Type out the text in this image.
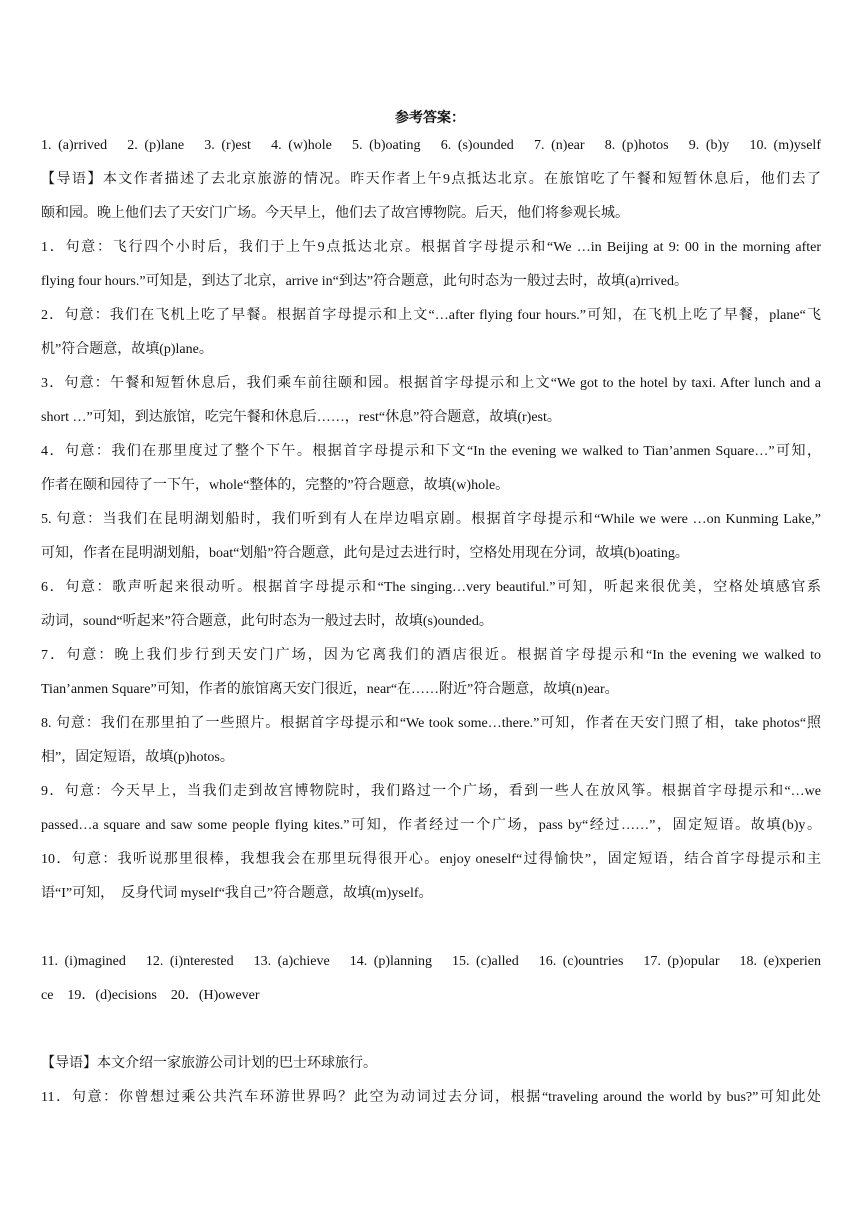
参考答案：
1. (a)rrived　2. (p)lane　3. (r)est　4. (w)hole　5. (b)oating　6. (s)ounded　7. (n)ear　8. (p)hotos　9. (b)y　10. (m)yself
【导语】本文作者描述了去北京旅游的情况。昨天作者上午9点抵达北京。在旅馆吃了午餐和短暂休息后，他们去了
颐和园。晚上他们去了天安门广场。今天早上，他们去了故宫博物院。后天，他们将参观长城。
1．句意：飞行四个小时后，我们于上午9点抵达北京。根据首字母提示和“We …in Beijing at 9: 00 in the morning after
flying four hours.”可知是，到达了北京，arrive in“到达”符合题意，此句时态为一般过去时，故填(a)rrived。
2．句意：我们在飞机上吃了早餐。根据首字母提示和上文“…after flying four hours.”可知，在飞机上吃了早餐，plane“飞
机”符合题意，故填(p)lane。
3．句意：午餐和短暂休息后，我们乘车前往颐和园。根据首字母提示和上文“We got to the hotel by taxi. After lunch and a
short …”可知，到达旅馆，吃完午餐和休息后……，rest“休息”符合题意，故填(r)est。
4．句意：我们在那里度过了整个下午。根据首字母提示和下文“In the evening we walked to Tian’anmen Square…”可知，
作者在颐和园待了一下午，whole“整体的，完整的”符合题意，故填(w)hole。
5. 句意：当我们在昆明湖划船时，我们听到有人在岸边唱京剧。根据首字母提示和“While we were …on Kunming Lake,”
可知，作者在昆明湖划船，boat“划船”符合题意，此句是过去进行时，空格处用现在分词，故填(b)oating。
6．句意：歌声听起来很动听。根据首字母提示和“The singing…very beautiful.”可知，听起来很优美，空格处填感官系
动词，sound“听起来”符合题意，此句时态为一般过去时，故填(s)ounded。
7．句意：晚上我们步行到天安门广场，因为它离我们的酒店很近。根据首字母提示和“In the evening we walked to
Tian’anmen Square”可知，作者的旅馆离天安门很近，near“在……附近”符合题意，故填(n)ear。
8. 句意：我们在那里拍了一些照片。根据首字母提示和“We took some…there.”可知，作者在天安门照了相，take photos“照
相”，固定短语，故填(p)hotos。
9．句意：今天早上，当我们走到故宫博物院时，我们路过一个广场，看到一些人在放风筝。根据首字母提示和“…we
passed…a square and saw some people flying kites.”可知，作者经过一个广场，pass by“经过……”，固定短语。故填(b)y。
10．句意：我听说那里很棒，我想我会在那里玩得很开心。enjoy oneself“过得愉快”，固定短语，结合首字母提示和主
语“I”可知，　反身代词 myself“我自己”符合题意，故填(m)yself。
11. (i)magined　12. (i)nterested　13. (a)chieve　14. (p)lanning　15. (c)alled　16. (c)ountries　17. (p)opular　18. (e)xperien
ce　19．(d)ecisions　20．(H)owever
【导语】本文介绍一家旅游公司计划的巴士环球旅行。
11．句意：你曾想过乘公共汽车环游世界吗？此空为动词过去分词，根据“traveling around the world by bus?”可知此处
